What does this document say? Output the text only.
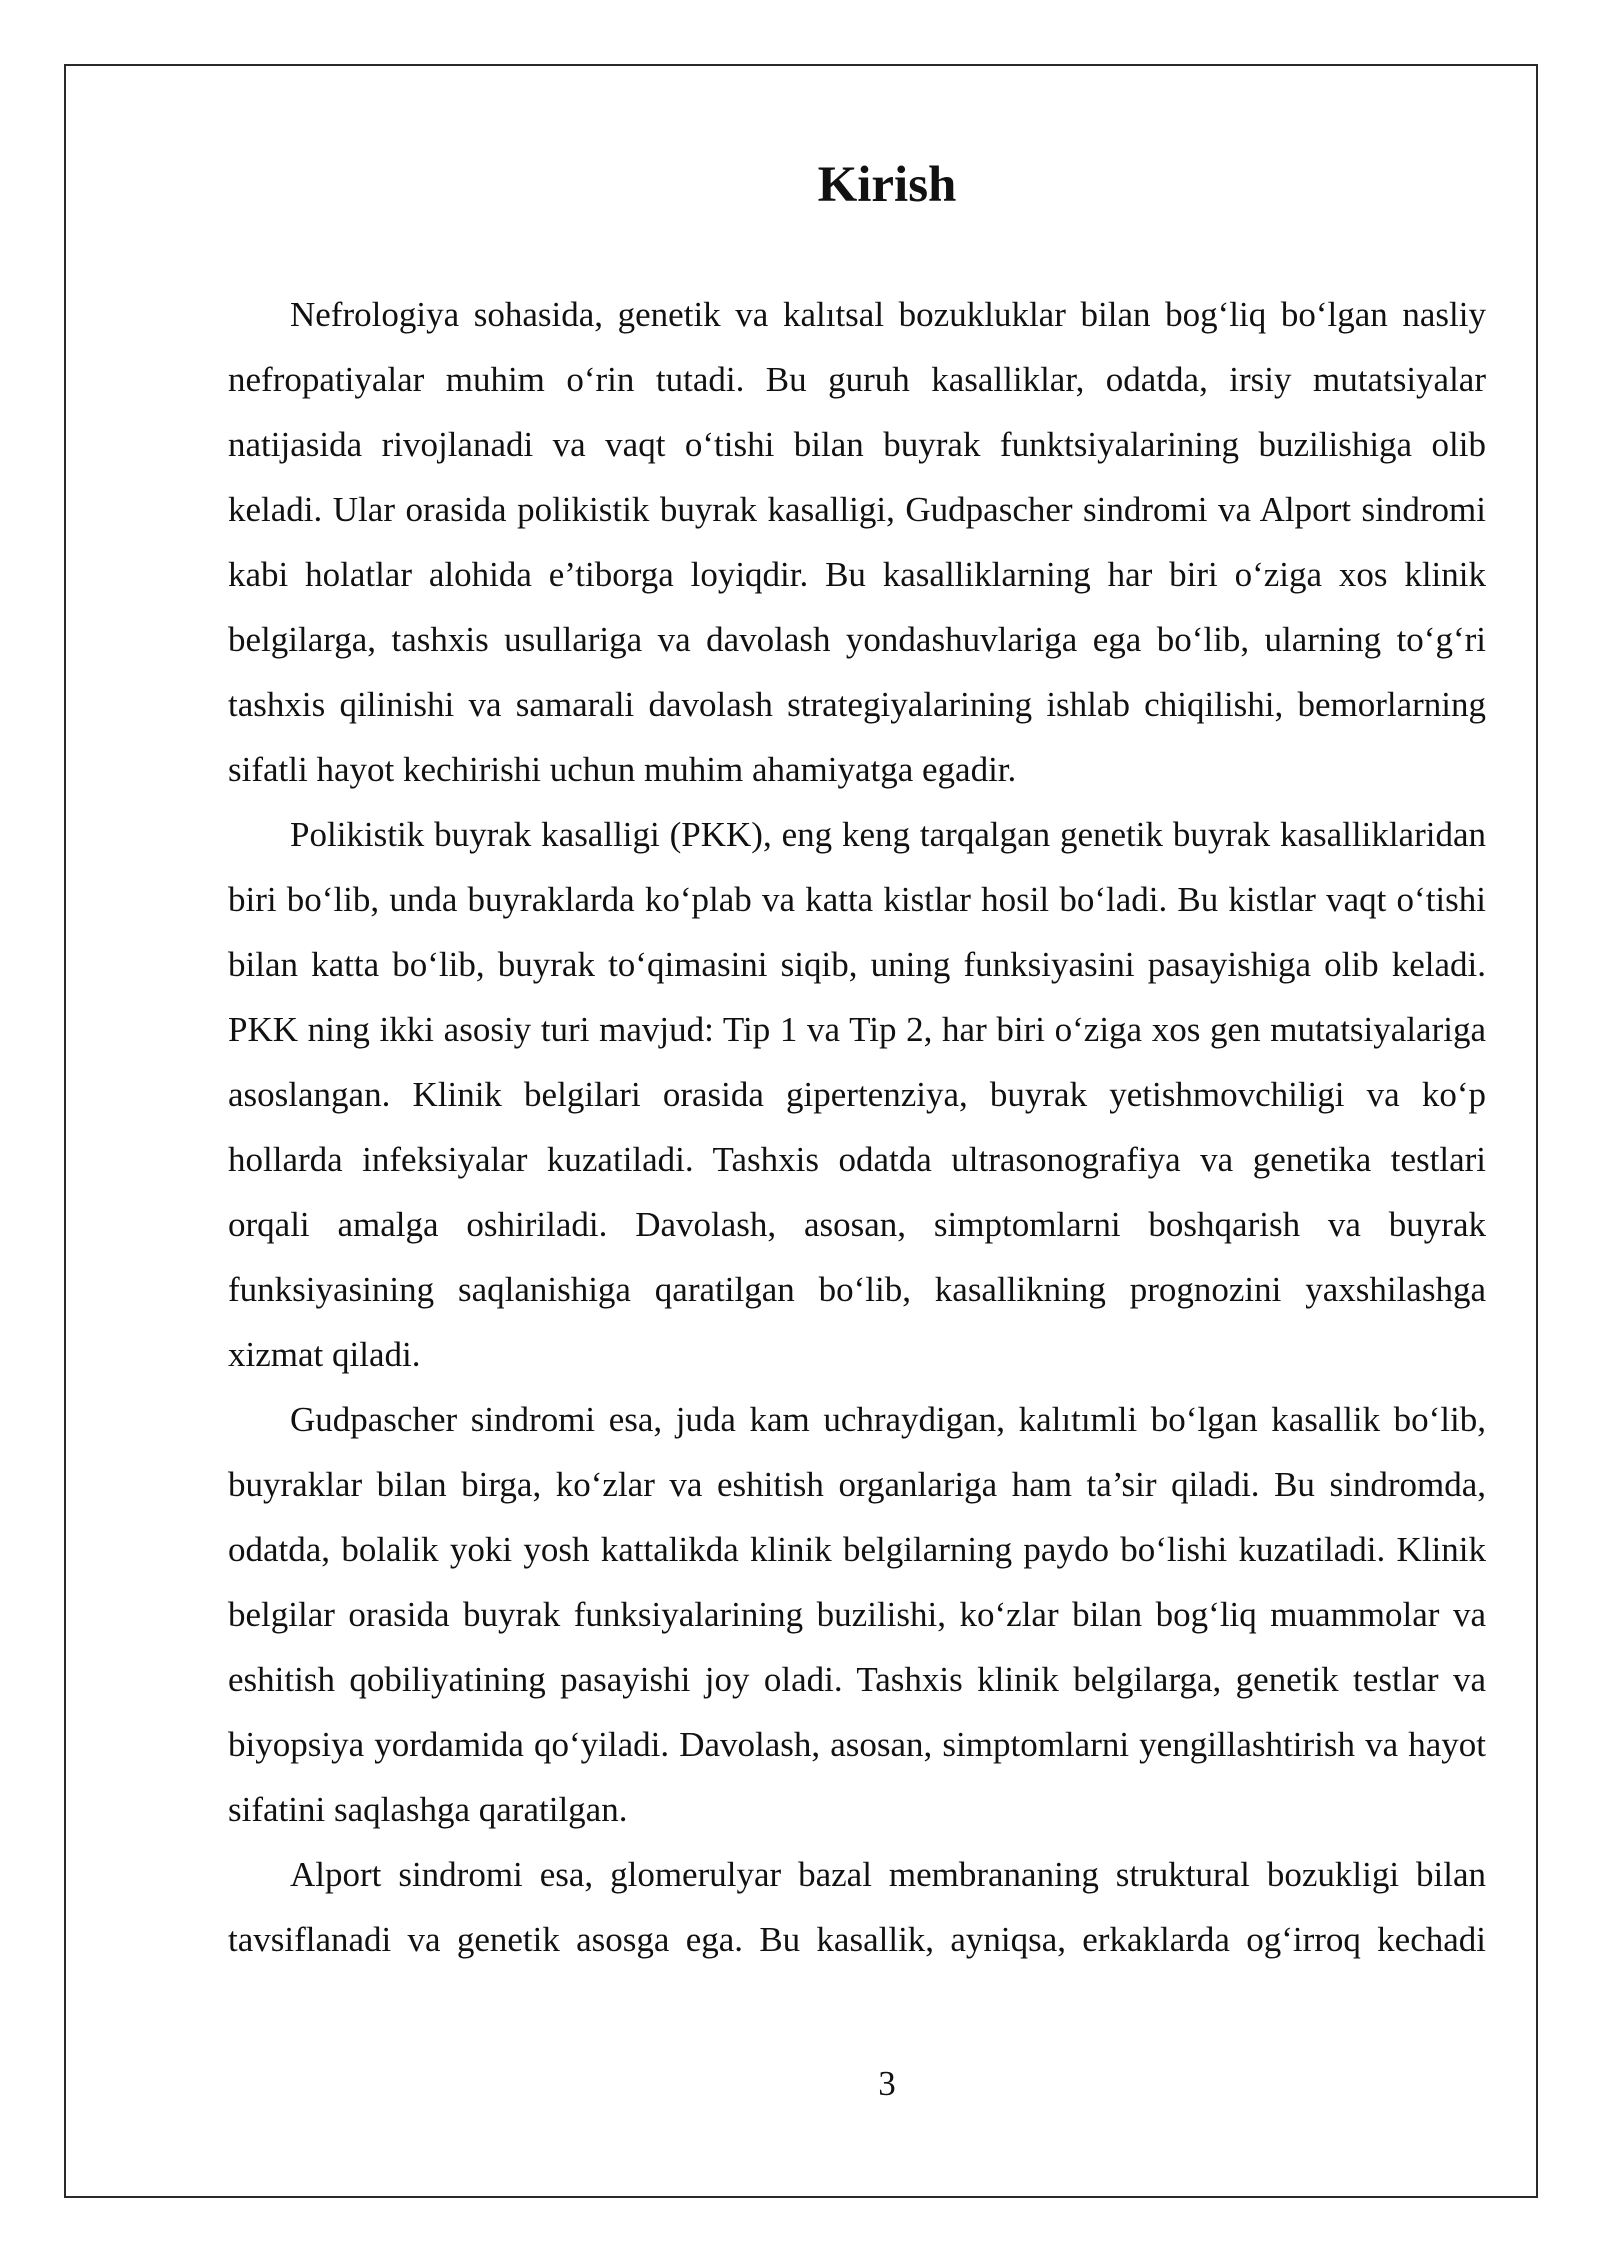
Kirish

Nefrologiya sohasida, genetik va kalıtsal bozukluklar bilan bog‘liq bo‘lgan nasliy nefropatiyalar muhim o‘rin tutadi. Bu guruh kasalliklar, odatda, irsiy mutatsiyalar natijasida rivojlanadi va vaqt o‘tishi bilan buyrak funktsiyalarining buzilishiga olib keladi. Ular orasida polikistik buyrak kasalligi, Gudpascher sindromi va Alport sindromi kabi holatlar alohida e’tiborga loyiqdir. Bu kasalliklarning har biri o‘ziga xos klinik belgilarga, tashxis usullariga va davolash yondashuvlariga ega bo‘lib, ularning to‘g‘ri tashxis qilinishi va samarali davolash strategiyalarining ishlab chiqilishi, bemorlarning sifatli hayot kechirishi uchun muhim ahamiyatga egadir.

Polikistik buyrak kasalligi (PKK), eng keng tarqalgan genetik buyrak kasalliklaridan biri bo‘lib, unda buyraklarda ko‘plab va katta kistlar hosil bo‘ladi. Bu kistlar vaqt o‘tishi bilan katta bo‘lib, buyrak to‘qimasini siqib, uning funksiyasini pasayishiga olib keladi. PKK ning ikki asosiy turi mavjud: Tip 1 va Tip 2, har biri o‘ziga xos gen mutatsiyalariga asoslangan. Klinik belgilari orasida gipertenziya, buyrak yetishmovchiligi va ko‘p hollarda infeksiyalar kuzatiladi. Tashxis odatda ultrasonografiya va genetika testlari orqali amalga oshiriladi. Davolash, asosan, simptomlarni boshqarish va buyrak funksiyasining saqlanishiga qaratilgan bo‘lib, kasallikning prognozini yaxshilashga xizmat qiladi.

Gudpascher sindromi esa, juda kam uchraydigan, kalıtımli bo‘lgan kasallik bo‘lib, buyraklar bilan birga, ko‘zlar va eshitish organlariga ham ta’sir qiladi. Bu sindromda, odatda, bolalik yoki yosh kattalikda klinik belgilarning paydo bo‘lishi kuzatiladi. Klinik belgilar orasida buyrak funksiyalarining buzilishi, ko‘zlar bilan bog‘liq muammolar va eshitish qobiliyatining pasayishi joy oladi. Tashxis klinik belgilarga, genetik testlar va biyopsiya yordamida qo‘yiladi. Davolash, asosan, simptomlarni yengillashtirish va hayot sifatini saqlashga qaratilgan.

Alport sindromi esa, glomerulyar bazal membrananing struktural bozukligi bilan tavsiflanadi va genetik asosga ega. Bu kasallik, ayniqsa, erkaklarda og‘irroq kechadi

3
